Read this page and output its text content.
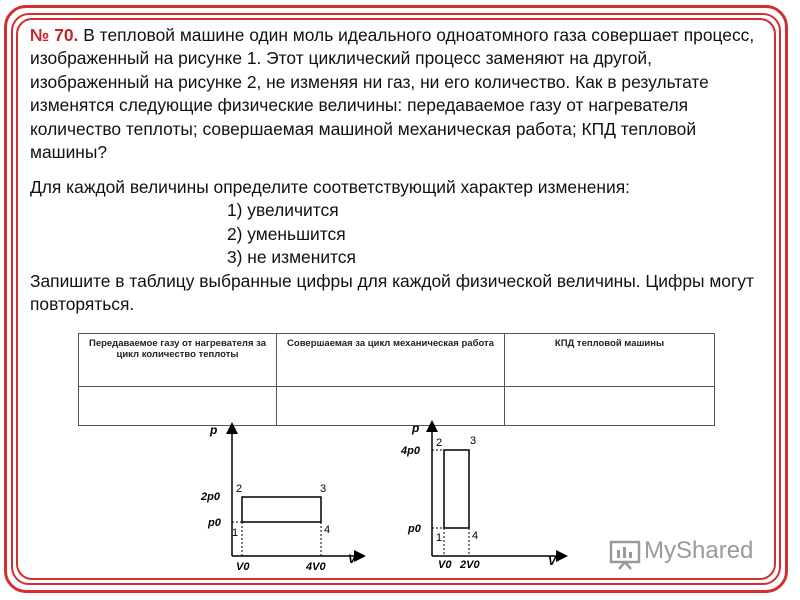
№ 70. В тепловой машине один моль идеального одноатомного газа совершает процесс, изображенный на рисунке 1. Этот циклический процесс заменяют на другой, изображенный на рисунке 2, не изменяя ни газ, ни его количество. Как в результате изменятся следующие физические величины: передаваемое газу от нагревателя количество теплоты; совершаемая машиной механическая работа; КПД тепловой машины?
Для каждой величины определите соответствующий характер изменения:
1) увеличится
2) уменьшится
3) не изменится
Запишите в таблицу выбранные цифры для каждой физической величины. Цифры могут повторяться.
Передаваемое газу от нагревателя за цикл количество теплоты	Совершаемая за цикл механическая работа	КПД тепловой машины

p
V
2p0
p0
V0	4V0
1
2	3
4
p
V
4p0
p0
V0 2V0
1
2	3
4
MyShared
